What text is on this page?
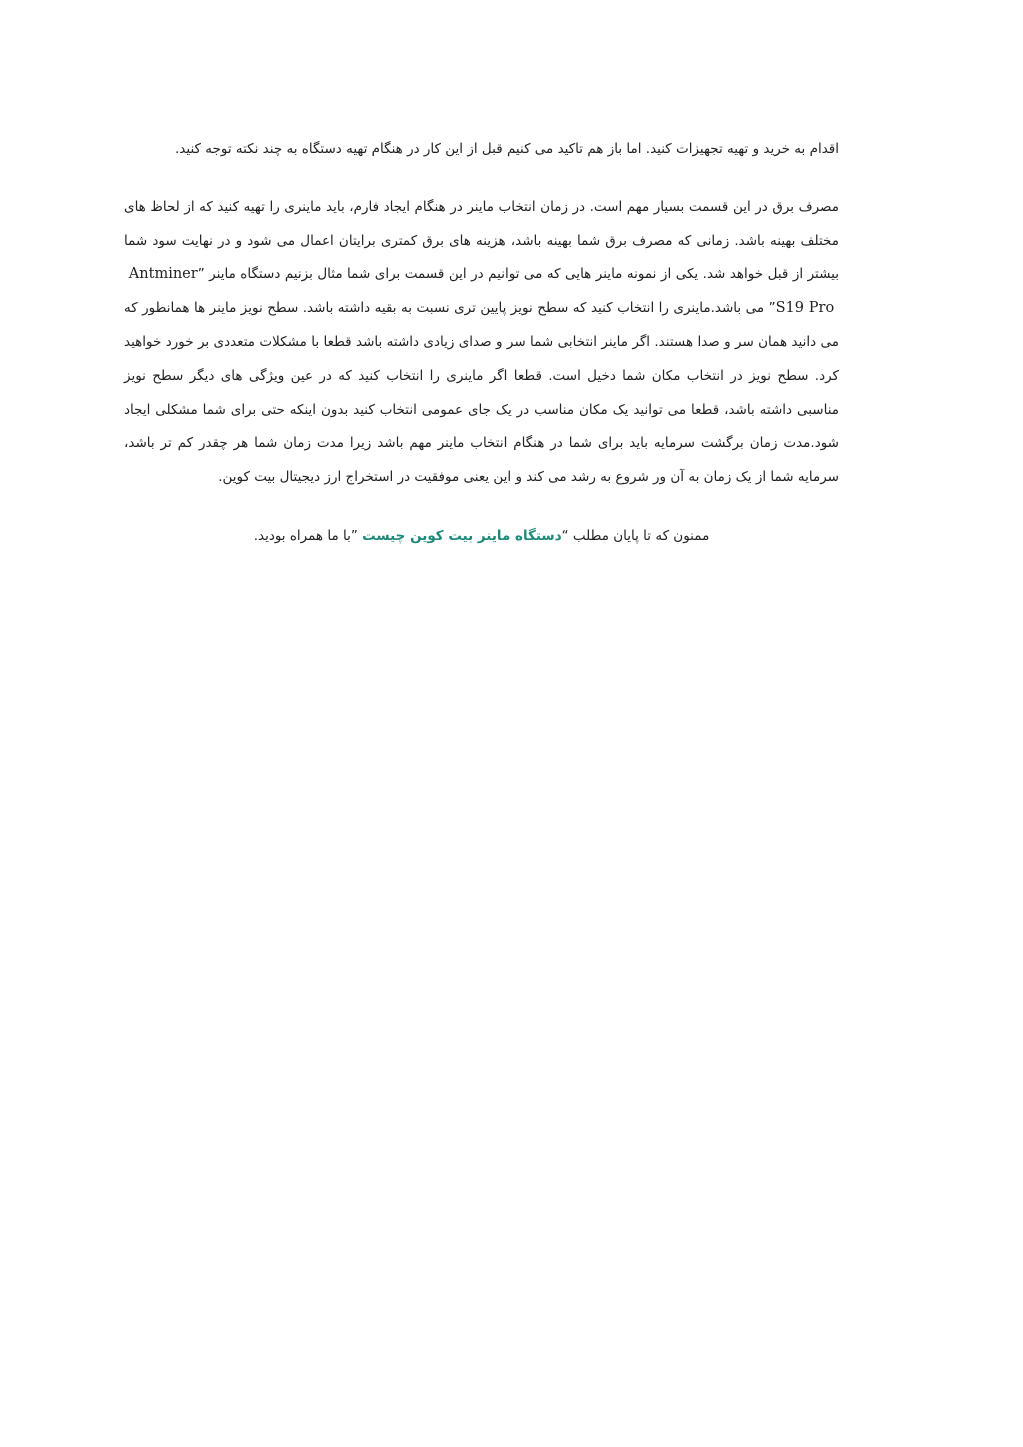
اقدام به خرید و تهیه تجهیزات کنید. اما باز هم تاکید می کنیم قبل از این کار در هنگام تهیه دستگاه به چند نکته توجه کنید.

مصرف برق در این قسمت بسیار مهم است. در زمان انتخاب ماینر در هنگام ایجاد فارم، باید ماینری را تهیه کنید که از لحاظ های مختلف بهینه باشد. زمانی که مصرف برق شما بهینه باشد، هزینه های برق کمتری برایتان اعمال می شود و در نهایت سود شما بیشتر از قبل خواهد شد. یکی از نمونه ماینر هایی که می توانیم در این قسمت برای شما مثال بزنیم دستگاه ماینر ” Antminer S19 Pro ” می باشد.ماینری را انتخاب کنید که سطح نویز پایین تری نسبت به بقیه داشته باشد. سطح نویز ماینر ها همانطور که می دانید همان سر و صدا هستند. اگر ماینر انتخابی شما سر و صدای زیادی داشته باشد قطعا با مشکلات متعددی بر خورد خواهید کرد. سطح نویز در انتخاب مکان شما دخیل است. قطعا اگر ماینری را انتخاب کنید که در عین ویژگی های دیگر سطح نویز مناسبی داشته باشد، قطعا می توانید یک مکان مناسب در یک جای عمومی انتخاب کنید بدون اینکه حتی برای شما مشکلی ایجاد شود.مدت زمان برگشت سرمایه باید برای شما در هنگام انتخاب ماینر مهم باشد زیرا مدت زمان شما هر چقدر کم تر باشد، سرمایه شما از یک زمان به آن ور شروع به رشد می کند و این یعنی موفقیت در استخراج ارز دیجیتال بیت کوین.

ممنون که تا پایان مطلب “دستگاه ماینر بیت کوین چیست ”با ما همراه بودید.
